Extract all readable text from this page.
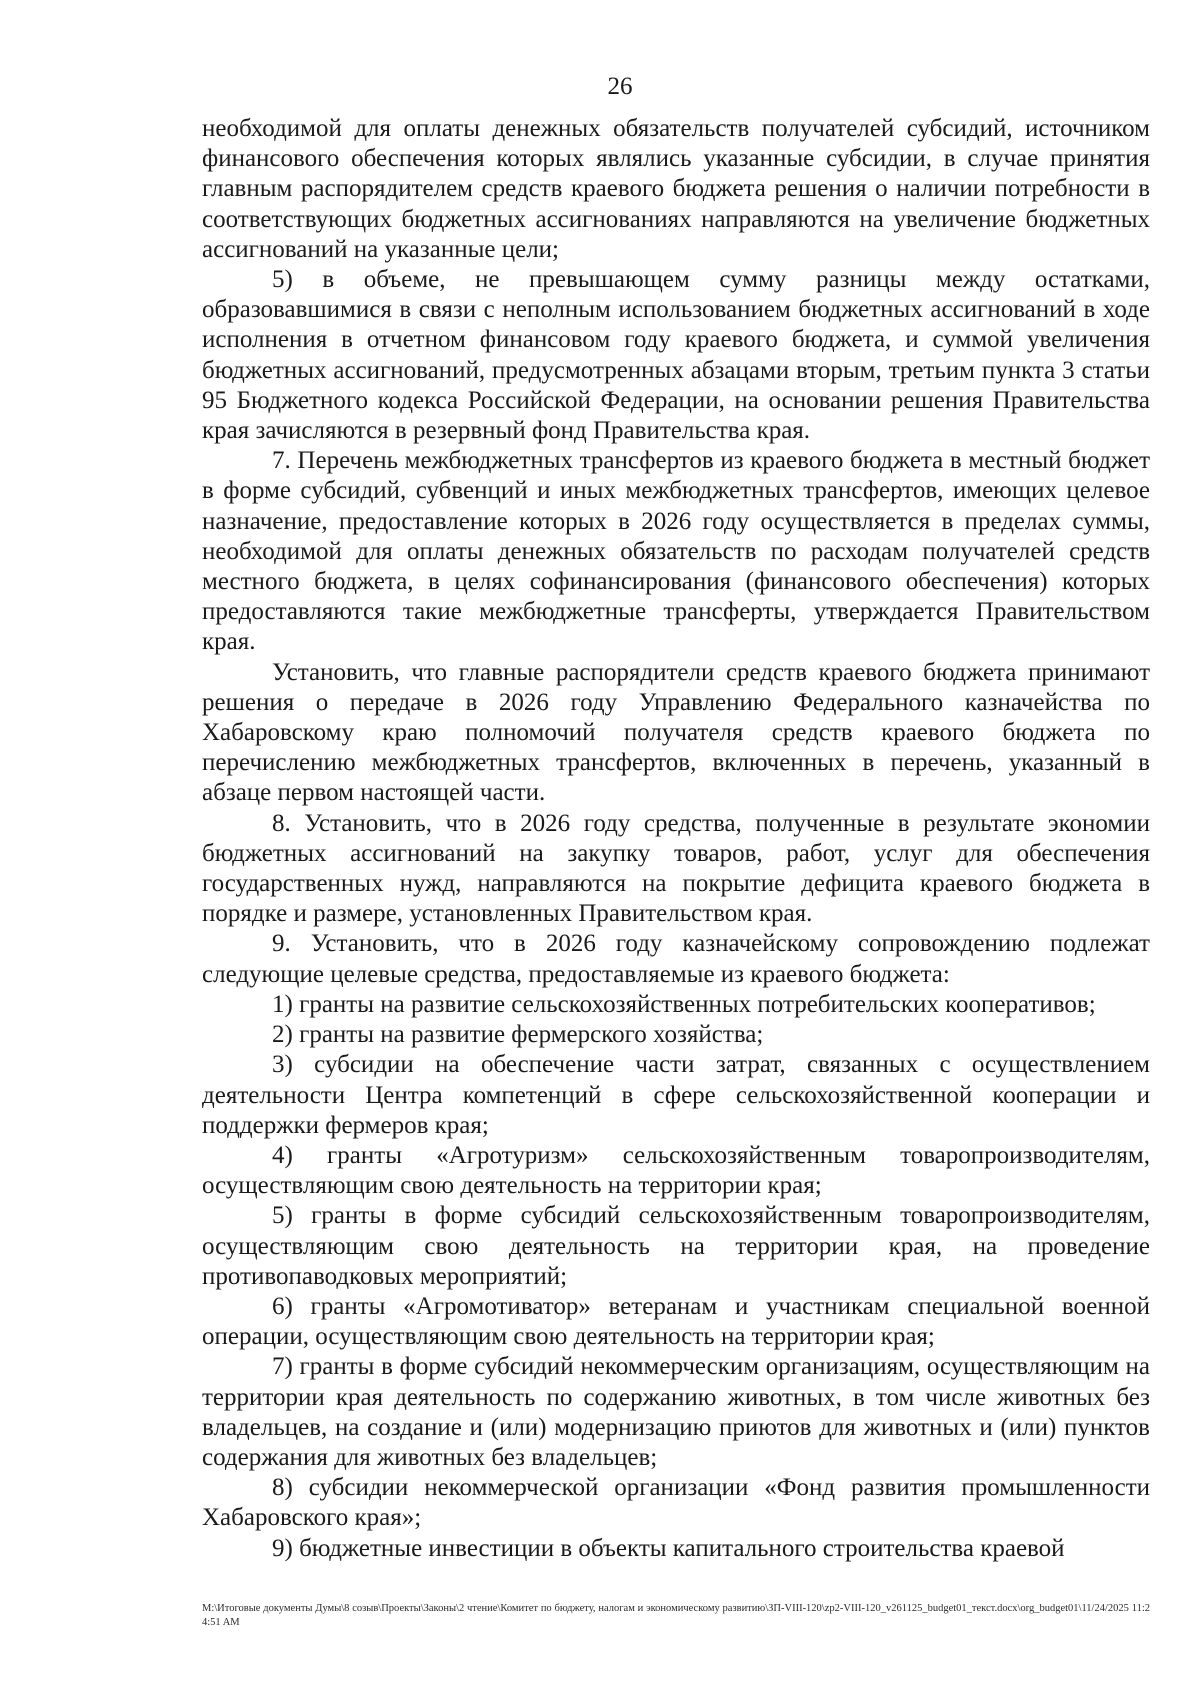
26

необходимой для оплаты денежных обязательств получателей субсидий, источником финансового обеспечения которых являлись указанные субсидии, в случае принятия главным распорядителем средств краевого бюджета решения о наличии потребности в соответствующих бюджетных ассигнованиях направляются на увеличение бюджетных ассигнований на указанные цели;

5) в объеме, не превышающем сумму разницы между остатками, образовавшимися в связи с неполным использованием бюджетных ассигнований в ходе исполнения в отчетном финансовом году краевого бюджета, и суммой увеличения бюджетных ассигнований, предусмотренных абзацами вторым, третьим пункта 3 статьи 95 Бюджетного кодекса Российской Федерации, на основании решения Правительства края зачисляются в резервный фонд Правительства края.

7. Перечень межбюджетных трансфертов из краевого бюджета в местный бюджет в форме субсидий, субвенций и иных межбюджетных трансфертов, имеющих целевое назначение, предоставление которых в 2026 году осуществляется в пределах суммы, необходимой для оплаты денежных обязательств по расходам получателей средств местного бюджета, в целях софинансирования (финансового обеспечения) которых предоставляются такие межбюджетные трансферты, утверждается Правительством края.

Установить, что главные распорядители средств краевого бюджета принимают решения о передаче в 2026 году Управлению Федерального казначейства по Хабаровскому краю полномочий получателя средств краевого бюджета по перечислению межбюджетных трансфертов, включенных в перечень, указанный в абзаце первом настоящей части.

8. Установить, что в 2026 году средства, полученные в результате экономии бюджетных ассигнований на закупку товаров, работ, услуг для обеспечения государственных нужд, направляются на покрытие дефицита краевого бюджета в порядке и размере, установленных Правительством края.

9. Установить, что в 2026 году казначейскому сопровождению подлежат следующие целевые средства, предоставляемые из краевого бюджета:

1) гранты на развитие сельскохозяйственных потребительских кооперативов;

2) гранты на развитие фермерского хозяйства;

3) субсидии на обеспечение части затрат, связанных с осуществлением деятельности Центра компетенций в сфере сельскохозяйственной кооперации и поддержки фермеров края;

4) гранты «Агротуризм» сельскохозяйственным товаропроизводителям, осуществляющим свою деятельность на территории края;

5) гранты в форме субсидий сельскохозяйственным товаропроизводителям, осуществляющим свою деятельность на территории края, на проведение противопаводковых мероприятий;

6) гранты «Агромотиватор» ветеранам и участникам специальной военной операции, осуществляющим свою деятельность на территории края;

7) гранты в форме субсидий некоммерческим организациям, осуществляющим на территории края деятельность по содержанию животных, в том числе животных без владельцев, на создание и (или) модернизацию приютов для животных и (или) пунктов содержания для животных без владельцев;

8) субсидии некоммерческой организации «Фонд развития промышленности Хабаровского края»;

9) бюджетные инвестиции в объекты капитального строительства краевой

M:\Итоговые документы Думы\8 созыв\Проекты\Законы\2 чтение\Комитет по бюджету, налогам и экономическому развитию\ЗП-VIII-120\zp2-VIII-120_v261125_budget01_текст.docx\org_budget01\11/24/2025 11:24:51 AM
